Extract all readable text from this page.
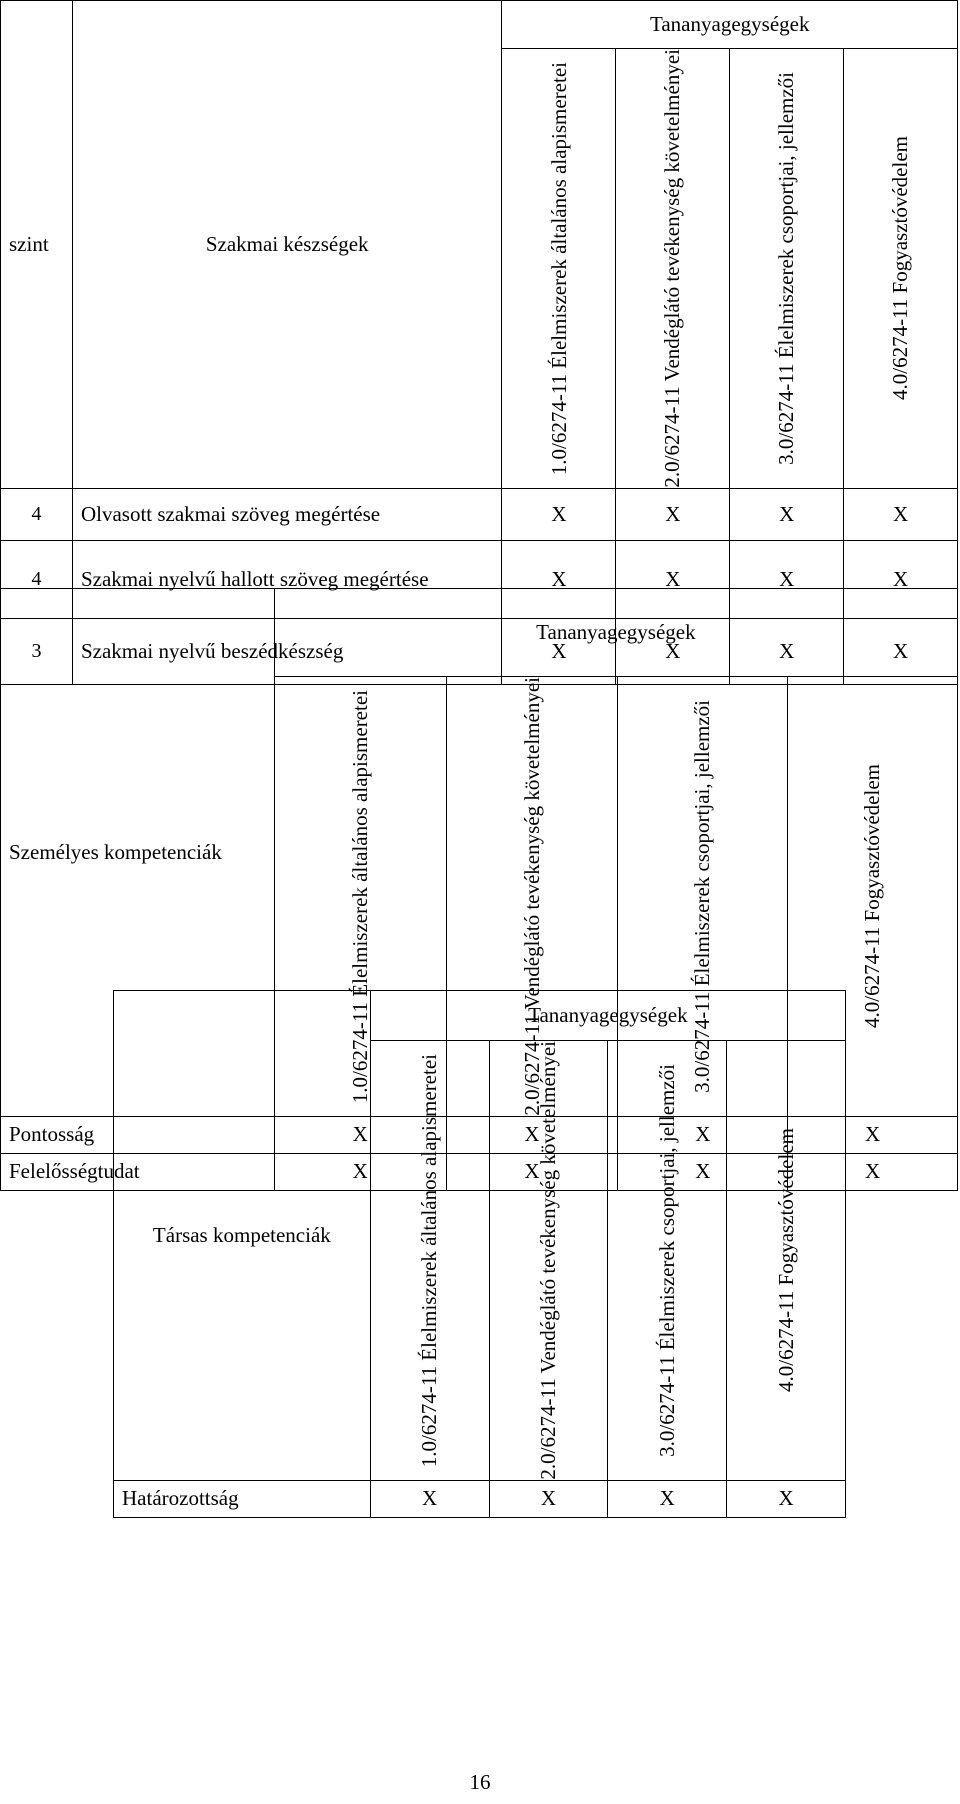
szint	Szakmai készségek	Tananyagegységek			

		1.0/6274-11 Élelmiszerek általános alapismeretei	2.0/6274-11 Vendéglátó tevékenység követelményei	3.0/6274-11 Élelmiszerek csoportjai, jellemzői	4.0/6274-11 Fogyasztóvédelem

4	Olvasott szakmai szöveg megértése	X	X	X	X
4	Szakmai nyelvű hallott szöveg megértése	X	X	X	X
3	Szakmai nyelvű beszédkészség	X	X	X	X
Személyes kompetenciák	Tananyagegységek			

	1.0/6274-11 Élelmiszerek általános alapismeretei	2.0/6274-11 Vendéglátó tevékenység követelményei	3.0/6274-11 Élelmiszerek csoportjai, jellemzői	4.0/6274-11 Fogyasztóvédelem

Pontosság	X	X	X	X
Felelősségtudat	X	X	X	X
Társas kompetenciák	Tananyagegységek			

	1.0/6274-11 Élelmiszerek általános alapismeretei	2.0/6274-11 Vendéglátó tevékenység követelményei	3.0/6274-11 Élelmiszerek csoportjai, jellemzői	4.0/6274-11 Fogyasztóvédelem

Határozottság	X	X	X	X
16
